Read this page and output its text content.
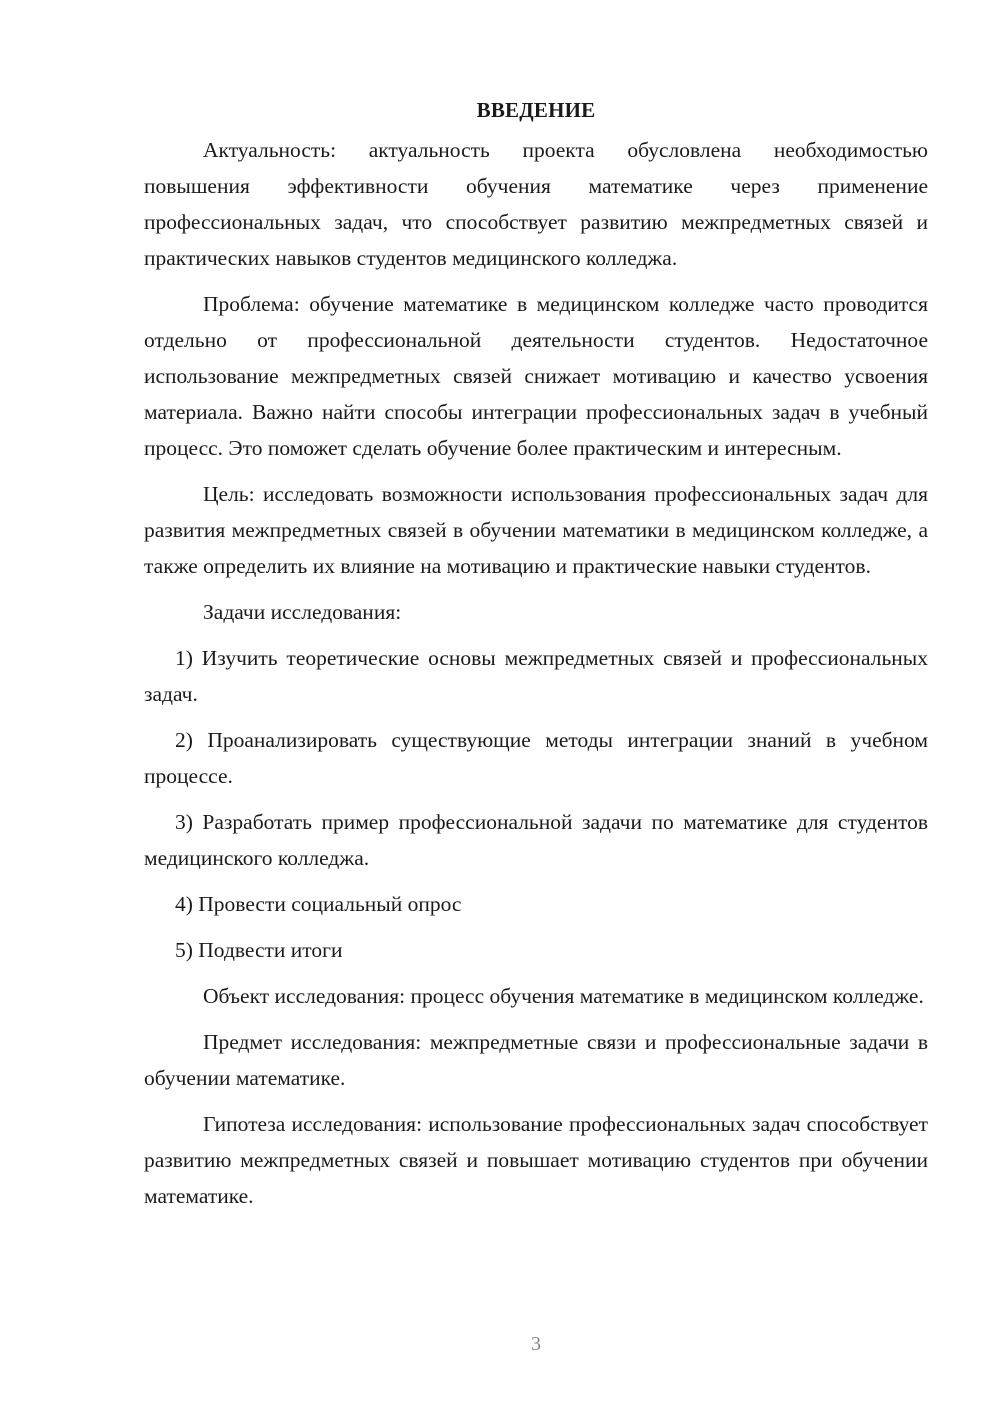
ВВЕДЕНИЕ

Актуальность: актуальность проекта обусловлена необходимостью повышения эффективности обучения математике через применение профессиональных задач, что способствует развитию межпредметных связей и практических навыков студентов медицинского колледжа.

Проблема: обучение математике в медицинском колледже часто проводится отдельно от профессиональной деятельности студентов. Недостаточное использование межпредметных связей снижает мотивацию и качество усвоения материала. Важно найти способы интеграции профессиональных задач в учебный процесс. Это поможет сделать обучение более практическим и интересным.

Цель: исследовать возможности использования профессиональных задач для развития межпредметных связей в обучении математики в медицинском колледже, а также определить их влияние на мотивацию и практические навыки студентов.

Задачи исследования:

1) Изучить теоретические основы межпредметных связей и профессиональных задач.

2) Проанализировать существующие методы интеграции знаний в учебном процессе.

3) Разработать пример профессиональной задачи по математике для студентов медицинского колледжа.

4) Провести социальный опрос

5) Подвести итоги

Объект исследования: процесс обучения математике в медицинском колледже.

Предмет исследования: межпредметные связи и профессиональные задачи в обучении математике.

Гипотеза исследования: использование профессиональных задач способствует развитию межпредметных связей и повышает мотивацию студентов при обучении математике.

3
